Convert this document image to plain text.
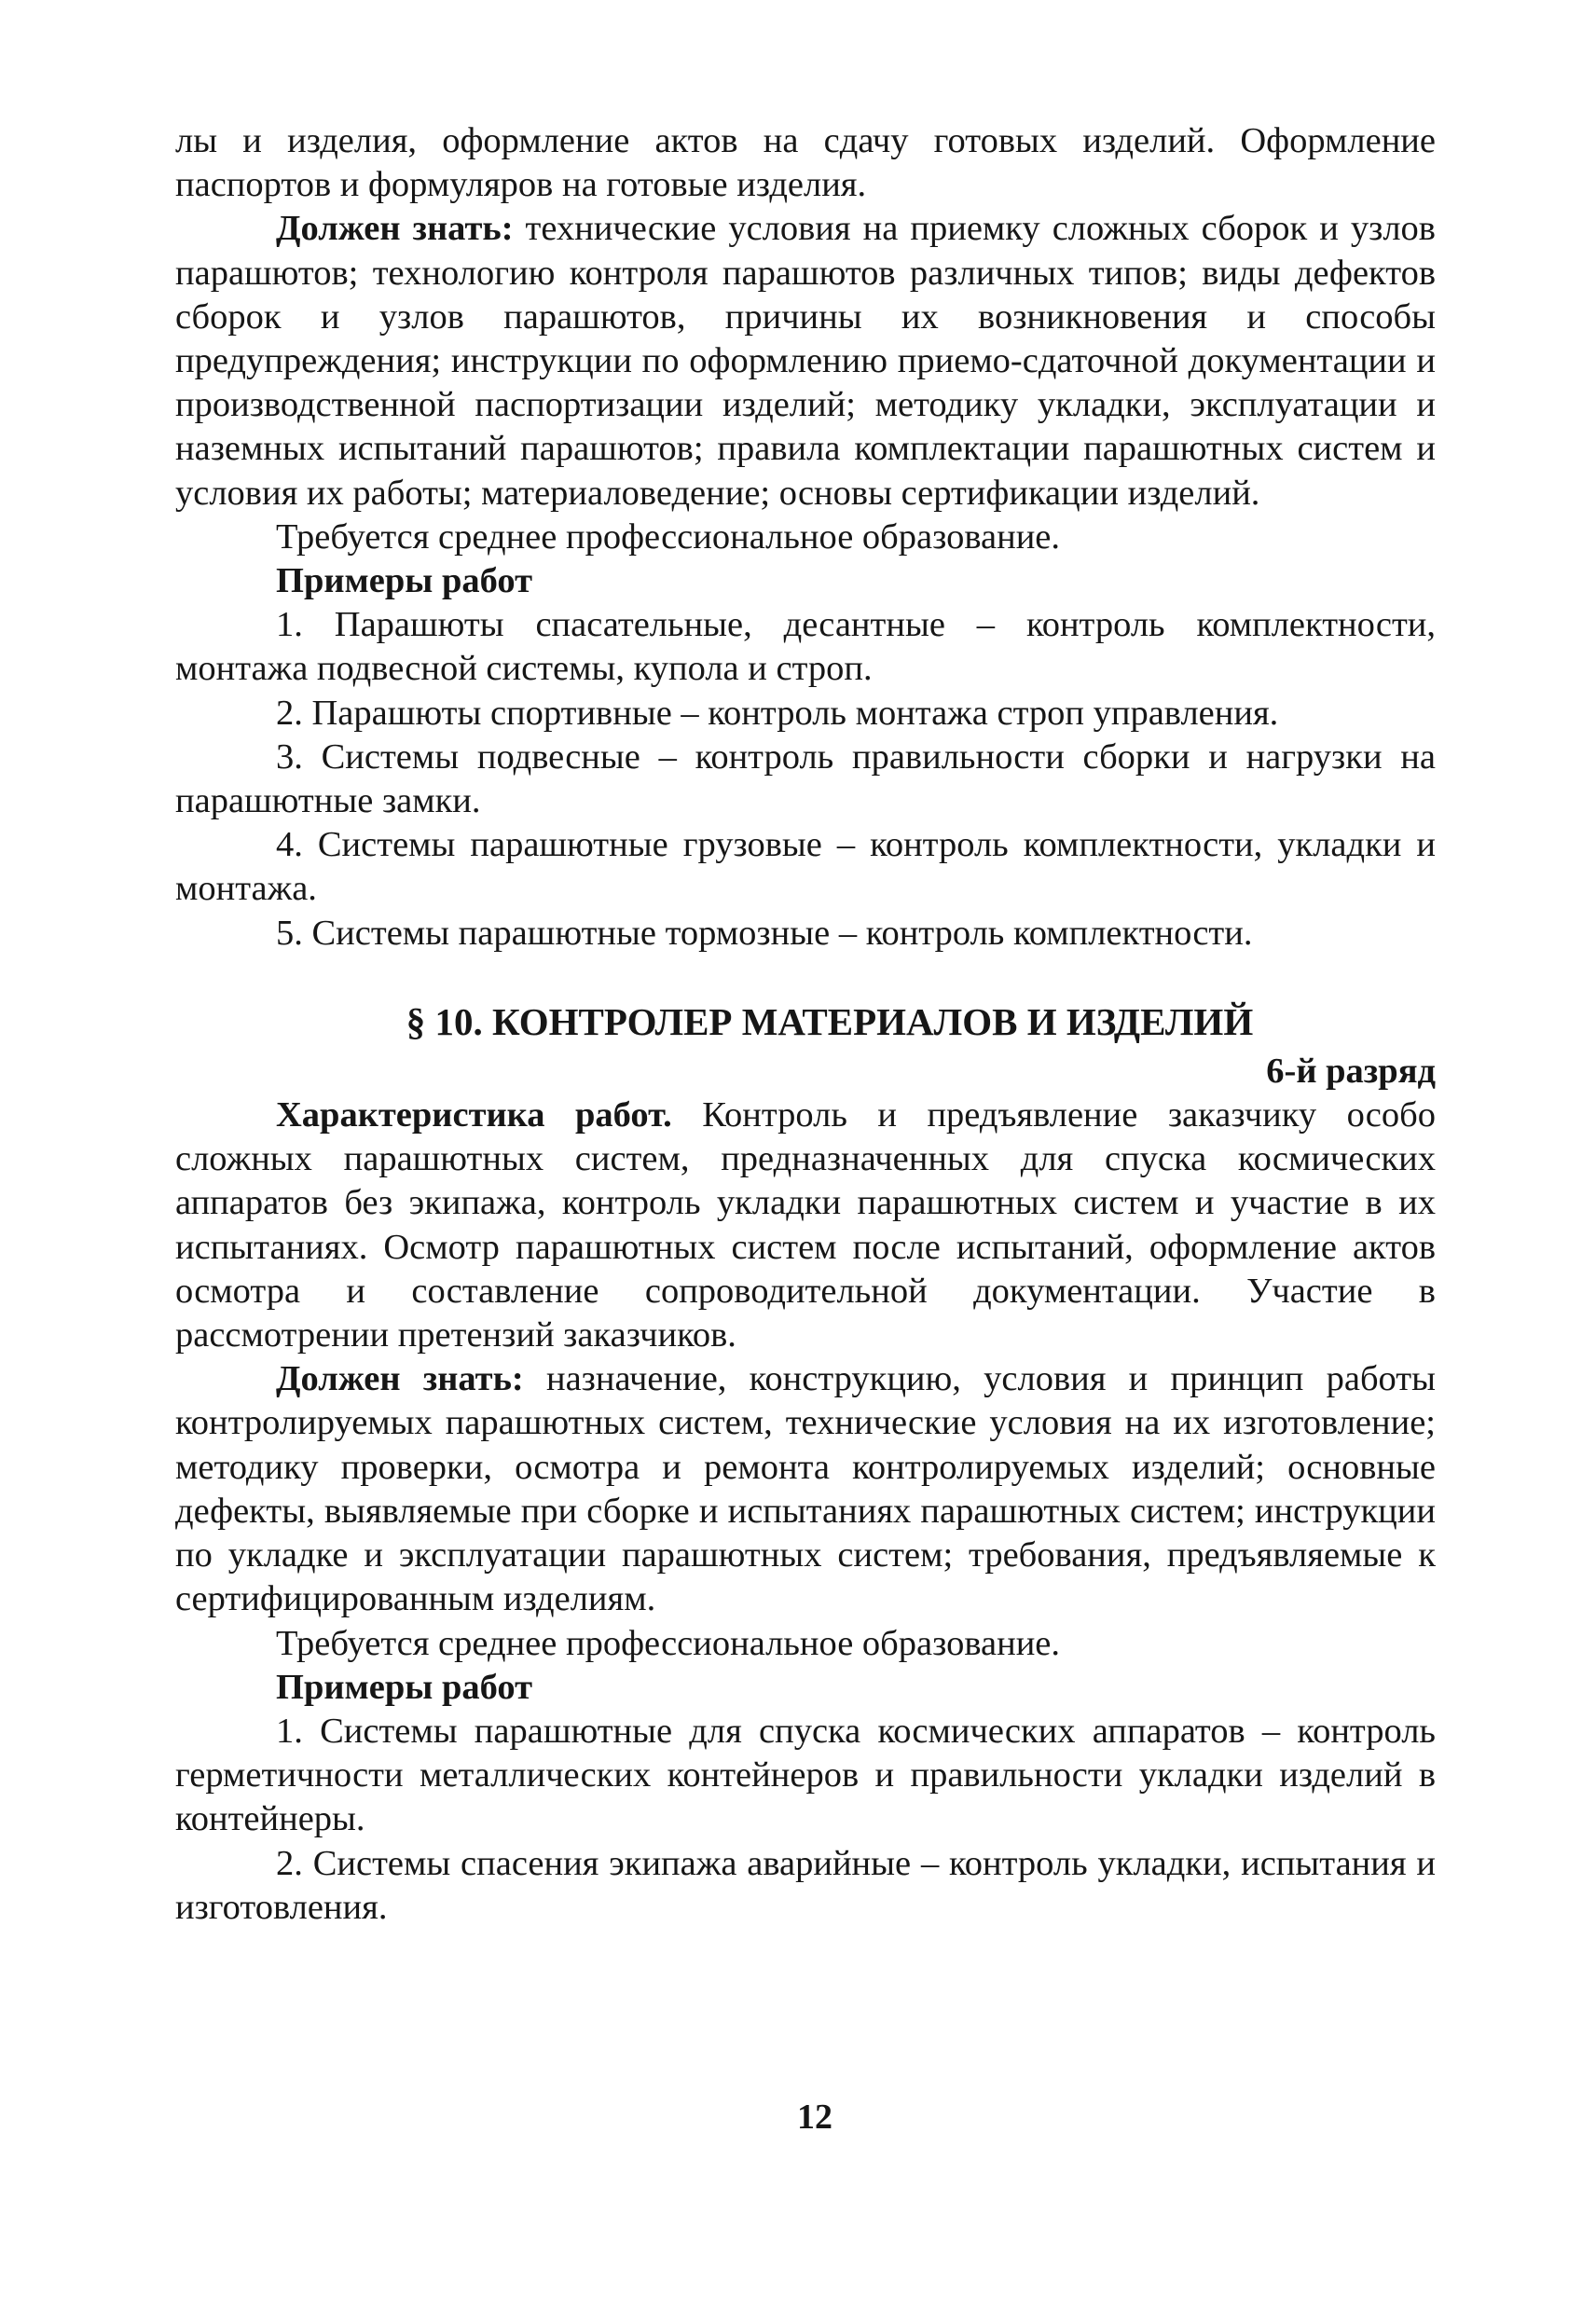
лы и изделия, оформление актов на сдачу готовых изделий. Оформление паспортов и формуляров на готовые изделия.

Должен знать: технические условия на приемку сложных сборок и узлов парашютов; технологию контроля парашютов различных типов; виды дефектов сборок и узлов парашютов, причины их возникновения и способы предупреждения; инструкции по оформлению приемо-сдаточной документации и производственной паспортизации изделий; методику укладки, эксплуатации и наземных испытаний парашютов; правила комплектации парашютных систем и условия их работы; материаловедение; основы сертификации изделий.

Требуется среднее профессиональное образование.

Примеры работ

1. Парашюты спасательные, десантные – контроль комплектности, монтажа подвесной системы, купола и строп.

2. Парашюты спортивные – контроль монтажа строп управления.

3. Системы подвесные – контроль правильности сборки и нагрузки на парашютные замки.

4. Системы парашютные грузовые – контроль комплектности, укладки и монтажа.

5. Системы парашютные тормозные – контроль комплектности.

§ 10. КОНТРОЛЕР МАТЕРИАЛОВ И ИЗДЕЛИЙ

6-й разряд

Характеристика работ. Контроль и предъявление заказчику особо сложных парашютных систем, предназначенных для спуска космических аппаратов без экипажа, контроль укладки парашютных систем и участие в их испытаниях. Осмотр парашютных систем после испытаний, оформление актов осмотра и составление сопроводительной документации. Участие в рассмотрении претензий заказчиков.

Должен знать: назначение, конструкцию, условия и принцип работы контролируемых парашютных систем, технические условия на их изготовление; методику проверки, осмотра и ремонта контролируемых изделий; основные дефекты, выявляемые при сборке и испытаниях парашютных систем; инструкции по укладке и эксплуатации парашютных систем; требования, предъявляемые к сертифицированным изделиям.

Требуется среднее профессиональное образование.

Примеры работ

1. Системы парашютные для спуска космических аппаратов – контроль герметичности металлических контейнеров и правильности укладки изделий в контейнеры.

2. Системы спасения экипажа аварийные – контроль укладки, испытания и изготовления.

12
